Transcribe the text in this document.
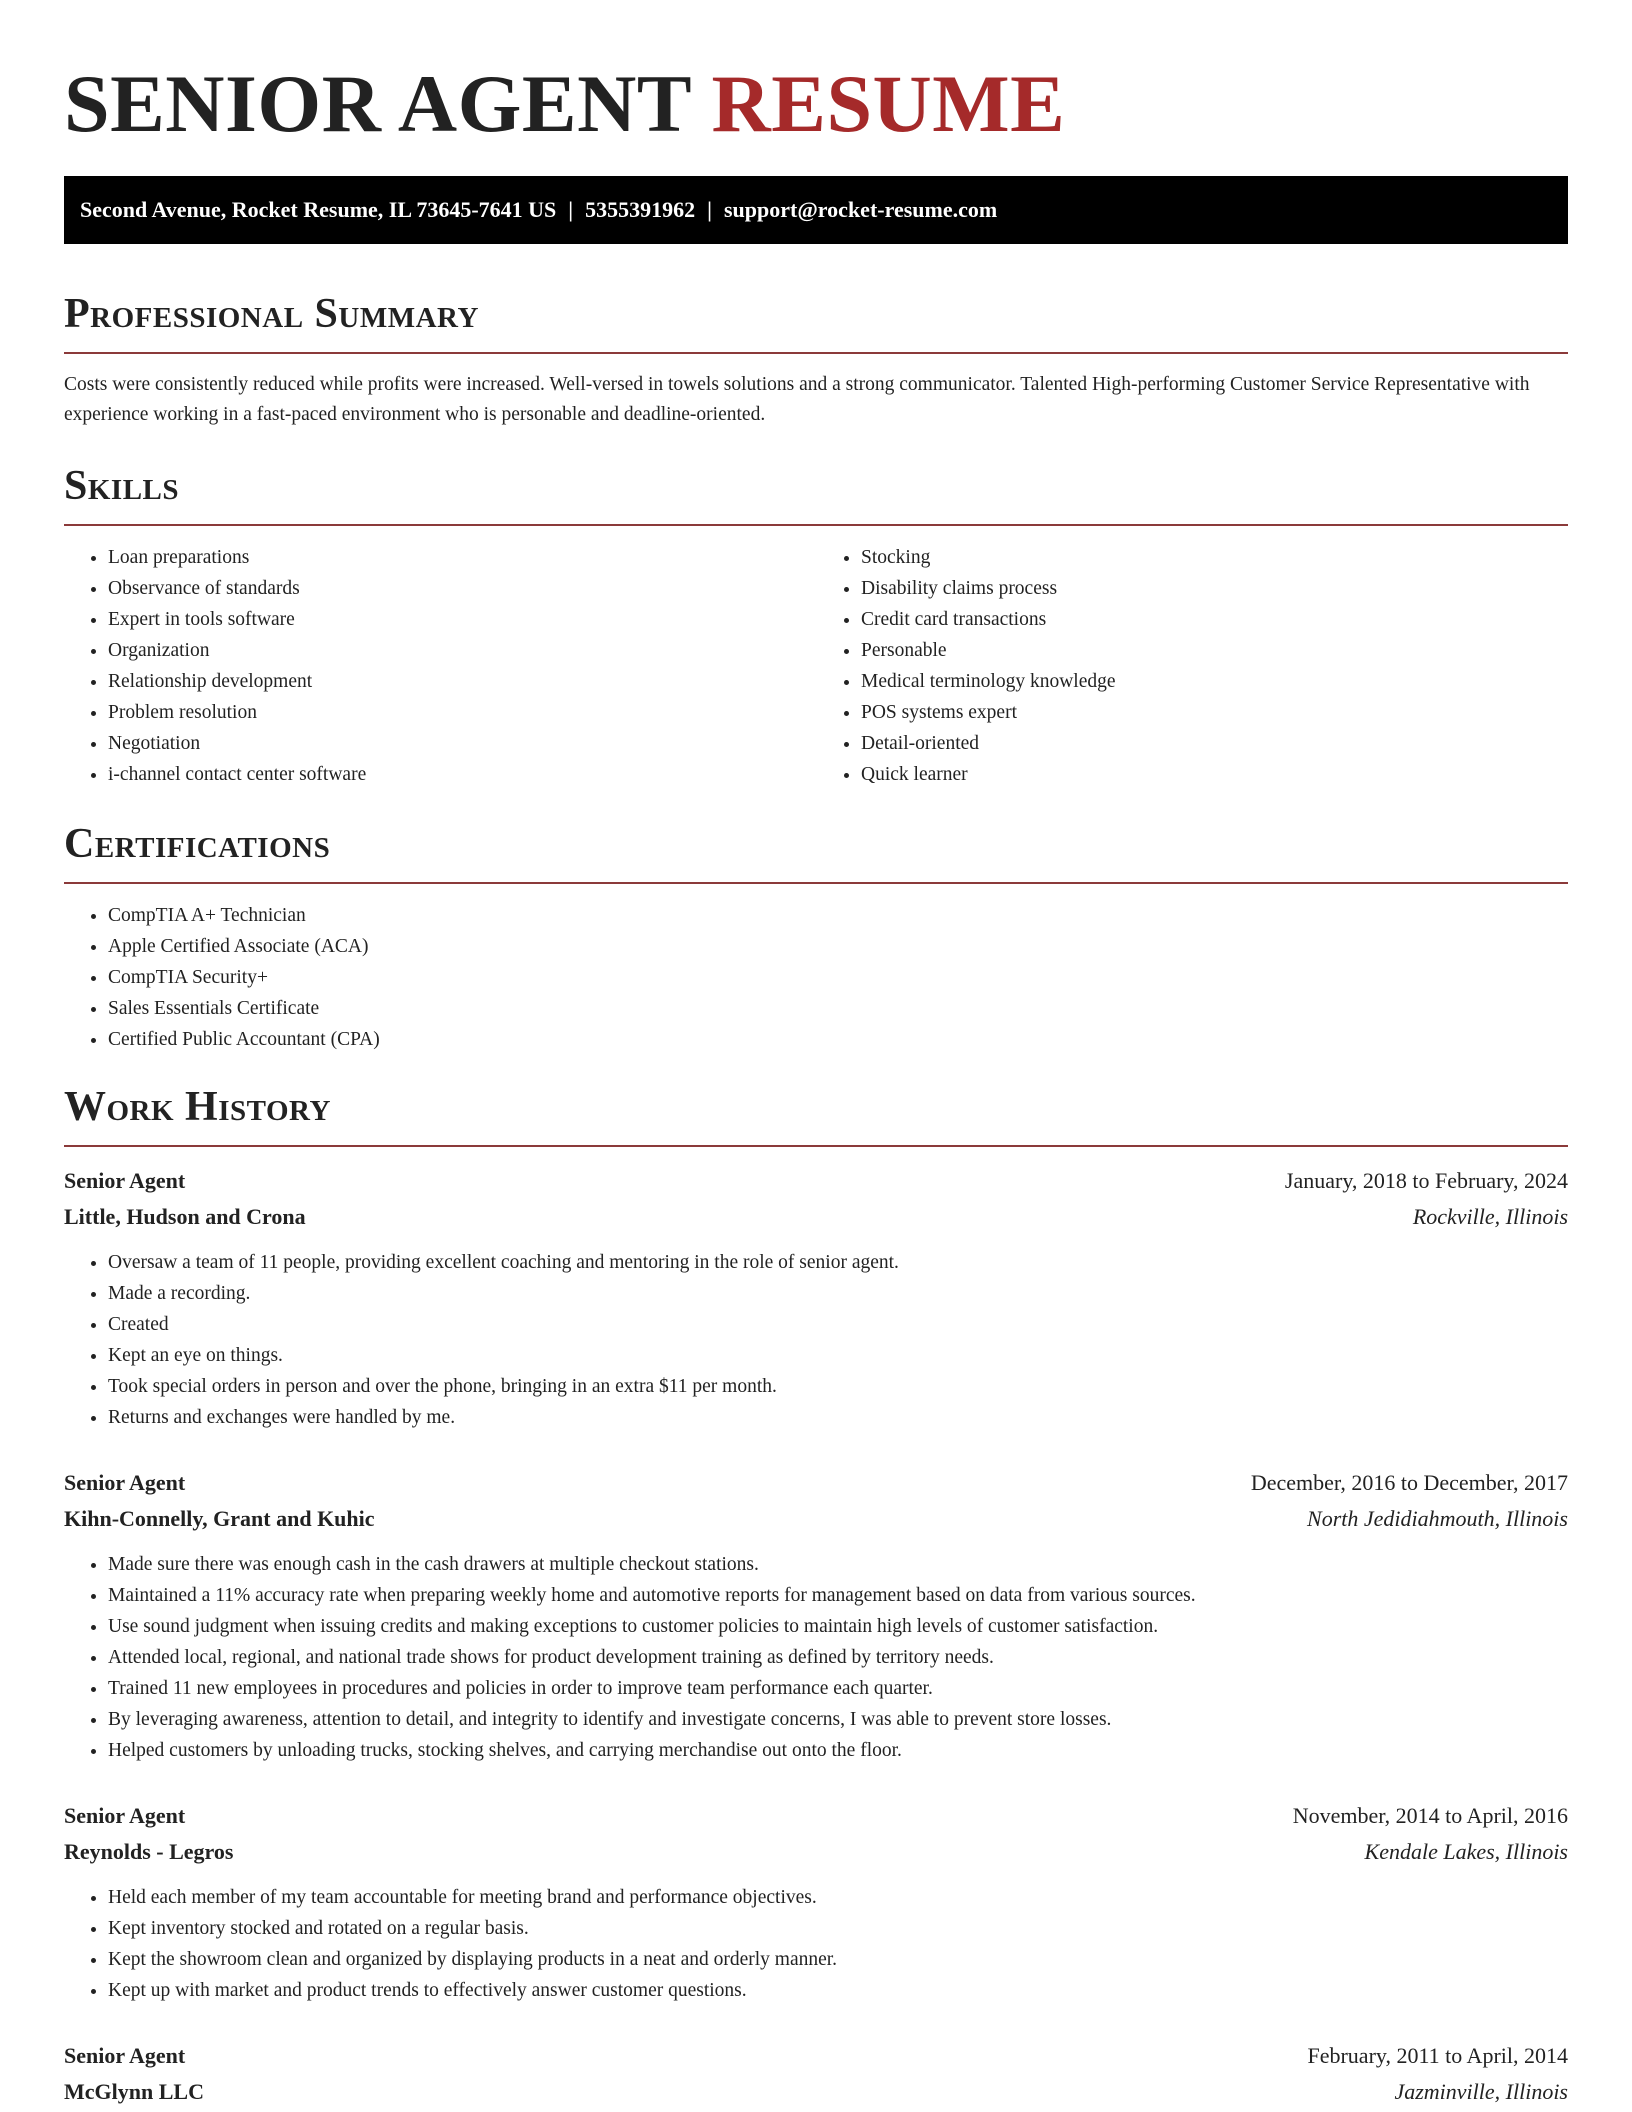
SENIOR AGENT RESUME
Second Avenue, Rocket Resume, IL 73645-7641 US | 5355391962 | support@rocket-resume.com
Professional Summary

Costs were consistently reduced while profits were increased. Well-versed in towels solutions and a strong communicator. Talented High-performing Customer Service Representative with experience working in a fast-paced environment who is personable and deadline-oriented.

Skills
• Loan preparations
• Observance of standards
• Expert in tools software
• Organization
• Relationship development
• Problem resolution
• Negotiation
• i-channel contact center software
• Stocking
• Disability claims process
• Credit card transactions
• Personable
• Medical terminology knowledge
• POS systems expert
• Detail-oriented
• Quick learner
Certifications
• CompTIA A+ Technician
• Apple Certified Associate (ACA)
• CompTIA Security+
• Sales Essentials Certificate
• Certified Public Accountant (CPA)
Work History
Senior Agent	January, 2018 to February, 2024
Little, Hudson and Crona	Rockville, Illinois
• Oversaw a team of 11 people, providing excellent coaching and mentoring in the role of senior agent.
• Made a recording.
• Created
• Kept an eye on things.
• Took special orders in person and over the phone, bringing in an extra $11 per month.
• Returns and exchanges were handled by me.
Senior Agent	December, 2016 to December, 2017
Kihn-Connelly, Grant and Kuhic	North Jedidiahmouth, Illinois
• Made sure there was enough cash in the cash drawers at multiple checkout stations.
• Maintained a 11% accuracy rate when preparing weekly home and automotive reports for management based on data from various sources.
• Use sound judgment when issuing credits and making exceptions to customer policies to maintain high levels of customer satisfaction.
• Attended local, regional, and national trade shows for product development training as defined by territory needs.
• Trained 11 new employees in procedures and policies in order to improve team performance each quarter.
• By leveraging awareness, attention to detail, and integrity to identify and investigate concerns, I was able to prevent store losses.
• Helped customers by unloading trucks, stocking shelves, and carrying merchandise out onto the floor.
Senior Agent	November, 2014 to April, 2016
Reynolds - Legros	Kendale Lakes, Illinois
• Held each member of my team accountable for meeting brand and performance objectives.
• Kept inventory stocked and rotated on a regular basis.
• Kept the showroom clean and organized by displaying products in a neat and orderly manner.
• Kept up with market and product trends to effectively answer customer questions.
Senior Agent	February, 2011 to April, 2014
McGlynn LLC	Jazminville, Illinois
